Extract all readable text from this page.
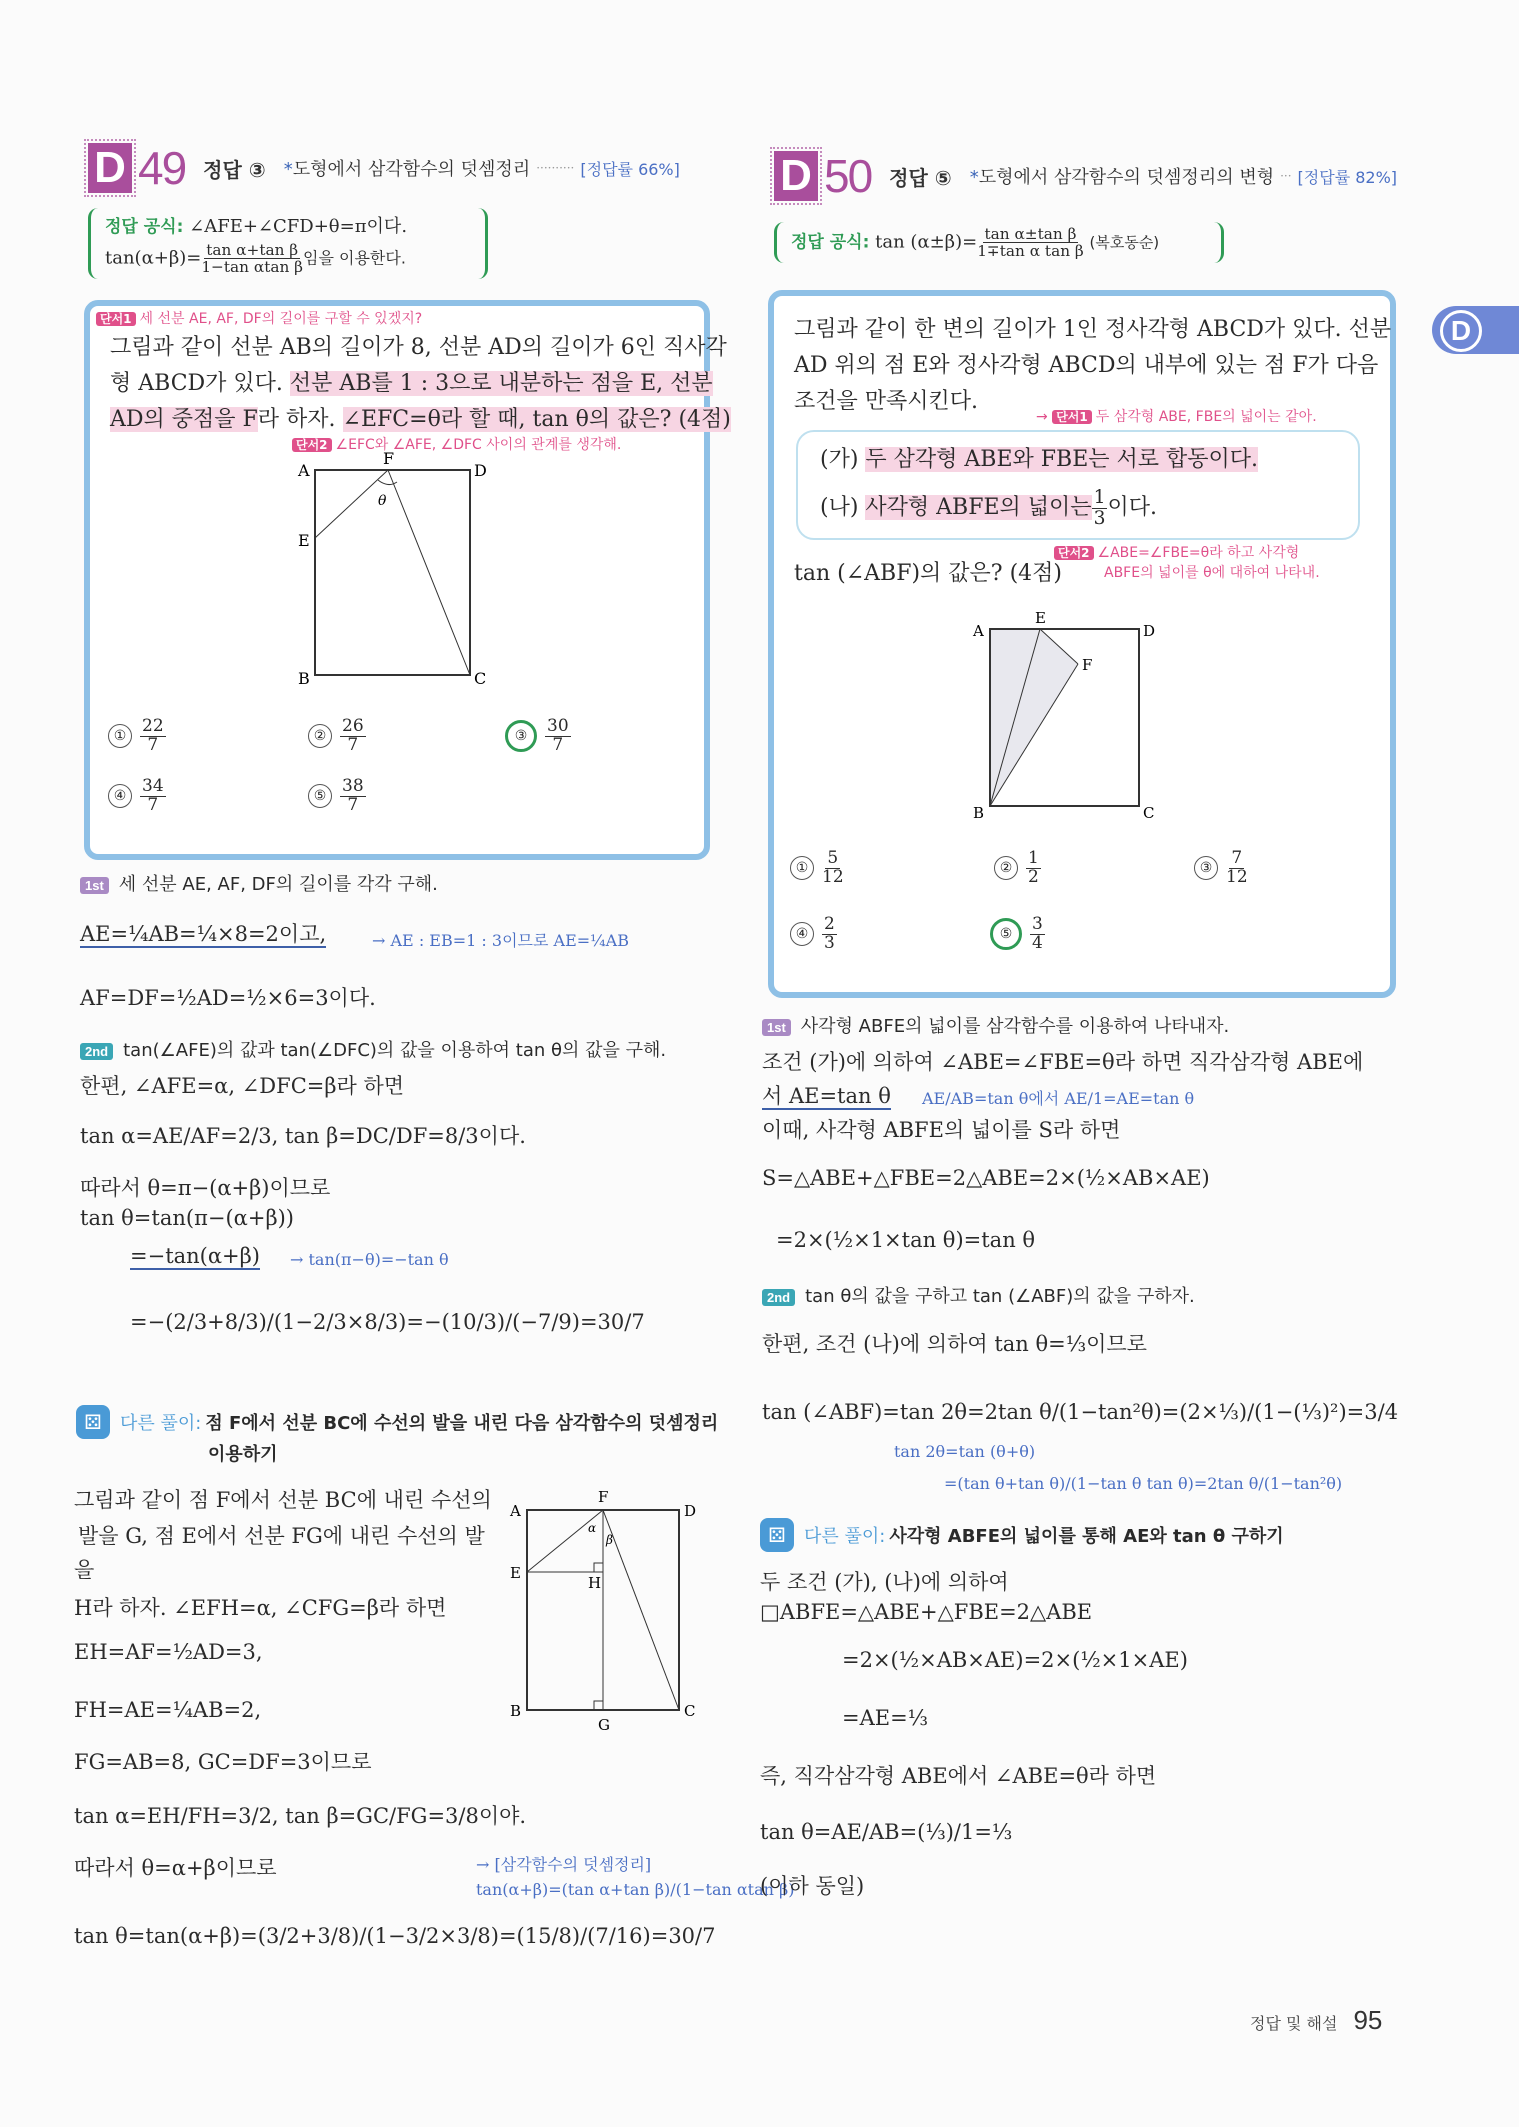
D
D 49 정답 ③ *도형에서 삼각함수의 덧셈정리 ·········· [정답률 66%]
정답 공식: ∠AFE+∠CFD+θ=π이다.
$\tan(\alpha+\beta)= \frac{\text{tan α+tan β}}{\text{1−tan αtan β}}$ 임을 이용한다.
단서1 세 선분 AE, AF, DF의 길이를 구할 수 있겠지?
그림과 같이 선분 AB의 길이가 8, 선분 AD의 길이가 6인 직사각
형 ABCD가 있다. 선분 AB를 1 : 3으로 내분하는 점을 E, 선분
AD의 중점을 F라 하자. ∠EFC=θ라 할 때, tan θ의 값은? (4점)
단서2 ∠EFC와 ∠AFE, ∠DFC 사이의 관계를 생각해.
A
F
D
E
θ
B	C
① $\frac{22}{7}$	② $\frac{26}{7}$	③	$\frac{30}{7}$
④ $\frac{34}{7}$	⑤ $\frac{38}{7}$
1st 세 선분 AE, AF, DF의 길이를 각각 구해.
AE=¼AB=¼×8=2이고,	→ AE : EB=1 : 3이므로 AE=¼AB
AF=DF=½AD=½×6=3이다.
2nd tan(∠AFE)의 값과 tan(∠DFC)의 값을 이용하여 tan θ의 값을 구해.
한편, ∠AFE=α, ∠DFC=β라 하면
tan α=AE/AF=2/3, tan β=DC/DF=8/3이다.
따라서 θ=π−(α+β)이므로
tan θ=tan(π−(α+β))
=−tan(α+β) → tan(π−θ)=−tan θ
=−(2/3+8/3)/(1−2/3×8/3)=−(10/3)/(−7/9)=30/7
⚄	다른 풀이: 점 F에서 선분 BC에 수선의 발을 내린 다음 삼각함수의 덧셈정리
이용하기
그림과 같이 점 F에서 선분 BC에 내린 수선의
발을 G, 점 E에서 선분 FG에 내린 수선의 발
을
H라 하자. ∠EFH=α, ∠CFG=β라 하면
EH=AF=½AD=3,
FH=AE=¼AB=2,
FG=AB=8, GC=DF=3이므로
tan α=EH/FH=3/2, tan β=GC/FG=3/8이야.
따라서 θ=α+β이므로	→ [삼각함수의 덧셈정리]
tan(α+β)=(tan α+tan β)/(1−tan αtan β)
tan θ=tan(α+β)=(3/2+3/8)/(1−3/2×3/8)=(15/8)/(7/16)=30/7
A
F
D
E
H
α
β
B
G
C
D 50 정답 ⑤ *도형에서 삼각함수의 덧셈정리의 변형 ··· [정답률 82%]
정답 공식: $\tan (\alpha\pm\beta)= \frac{\text{tan α±tan β}}{\text{1∓tan α tan β}}$ (복호동순)
그림과 같이 한 변의 길이가 1인 정사각형 ABCD가 있다. 선분
AD 위의 점 E와 정사각형 ABCD의 내부에 있는 점 F가 다음
조건을 만족시킨다.
→ 단서1 두 삼각형 ABE, FBE의 넓이는 같아.
(가) 두 삼각형 ABE와 FBE는 서로 합동이다.
(나) 사각형 ABFE의 넓이는 $\frac{1}{3}$ 이다.
tan (∠ABF)의 값은? (4점)
단서2 ∠ABE=∠FBE=θ라 하고 사각형
ABFE의 넓이를 θ에 대하여 나타내.
A
E
D
F
B	C
① $\frac{5}{12}$	② $\frac{1}{2}$	③ $\frac{7}{12}$
④ $\frac{2}{3}$	⑤	$\frac{3}{4}$
1st 사각형 ABFE의 넓이를 삼각함수를 이용하여 나타내자.
조건 (가)에 의하여 ∠ABE=∠FBE=θ라 하면 직각삼각형 ABE에
서 AE=tan θ AE/AB=tan θ에서 AE/1=AE=tan θ
이때, 사각형 ABFE의 넓이를 S라 하면
S=△ABE+△FBE=2△ABE=2×(½×AB×AE)
=2×(½×1×tan θ)=tan θ
2nd tan θ의 값을 구하고 tan (∠ABF)의 값을 구하자.
한편, 조건 (나)에 의하여 tan θ=⅓이므로
tan (∠ABF)=tan 2θ=2tan θ/(1−tan²θ)=(2×⅓)/(1−(⅓)²)=3/4
tan 2θ=tan (θ+θ)
=(tan θ+tan θ)/(1−tan θ tan θ)=2tan θ/(1−tan²θ)
⚄	다른 풀이: 사각형 ABFE의 넓이를 통해 AE와 tan θ 구하기
두 조건 (가), (나)에 의하여
□ABFE=△ABE+△FBE=2△ABE
=2×(½×AB×AE)=2×(½×1×AE)
=AE=⅓
즉, 직각삼각형 ABE에서 ∠ABE=θ라 하면
tan θ=AE/AB=(⅓)/1=⅓
(이하 동일)
정답 및 해설 95
